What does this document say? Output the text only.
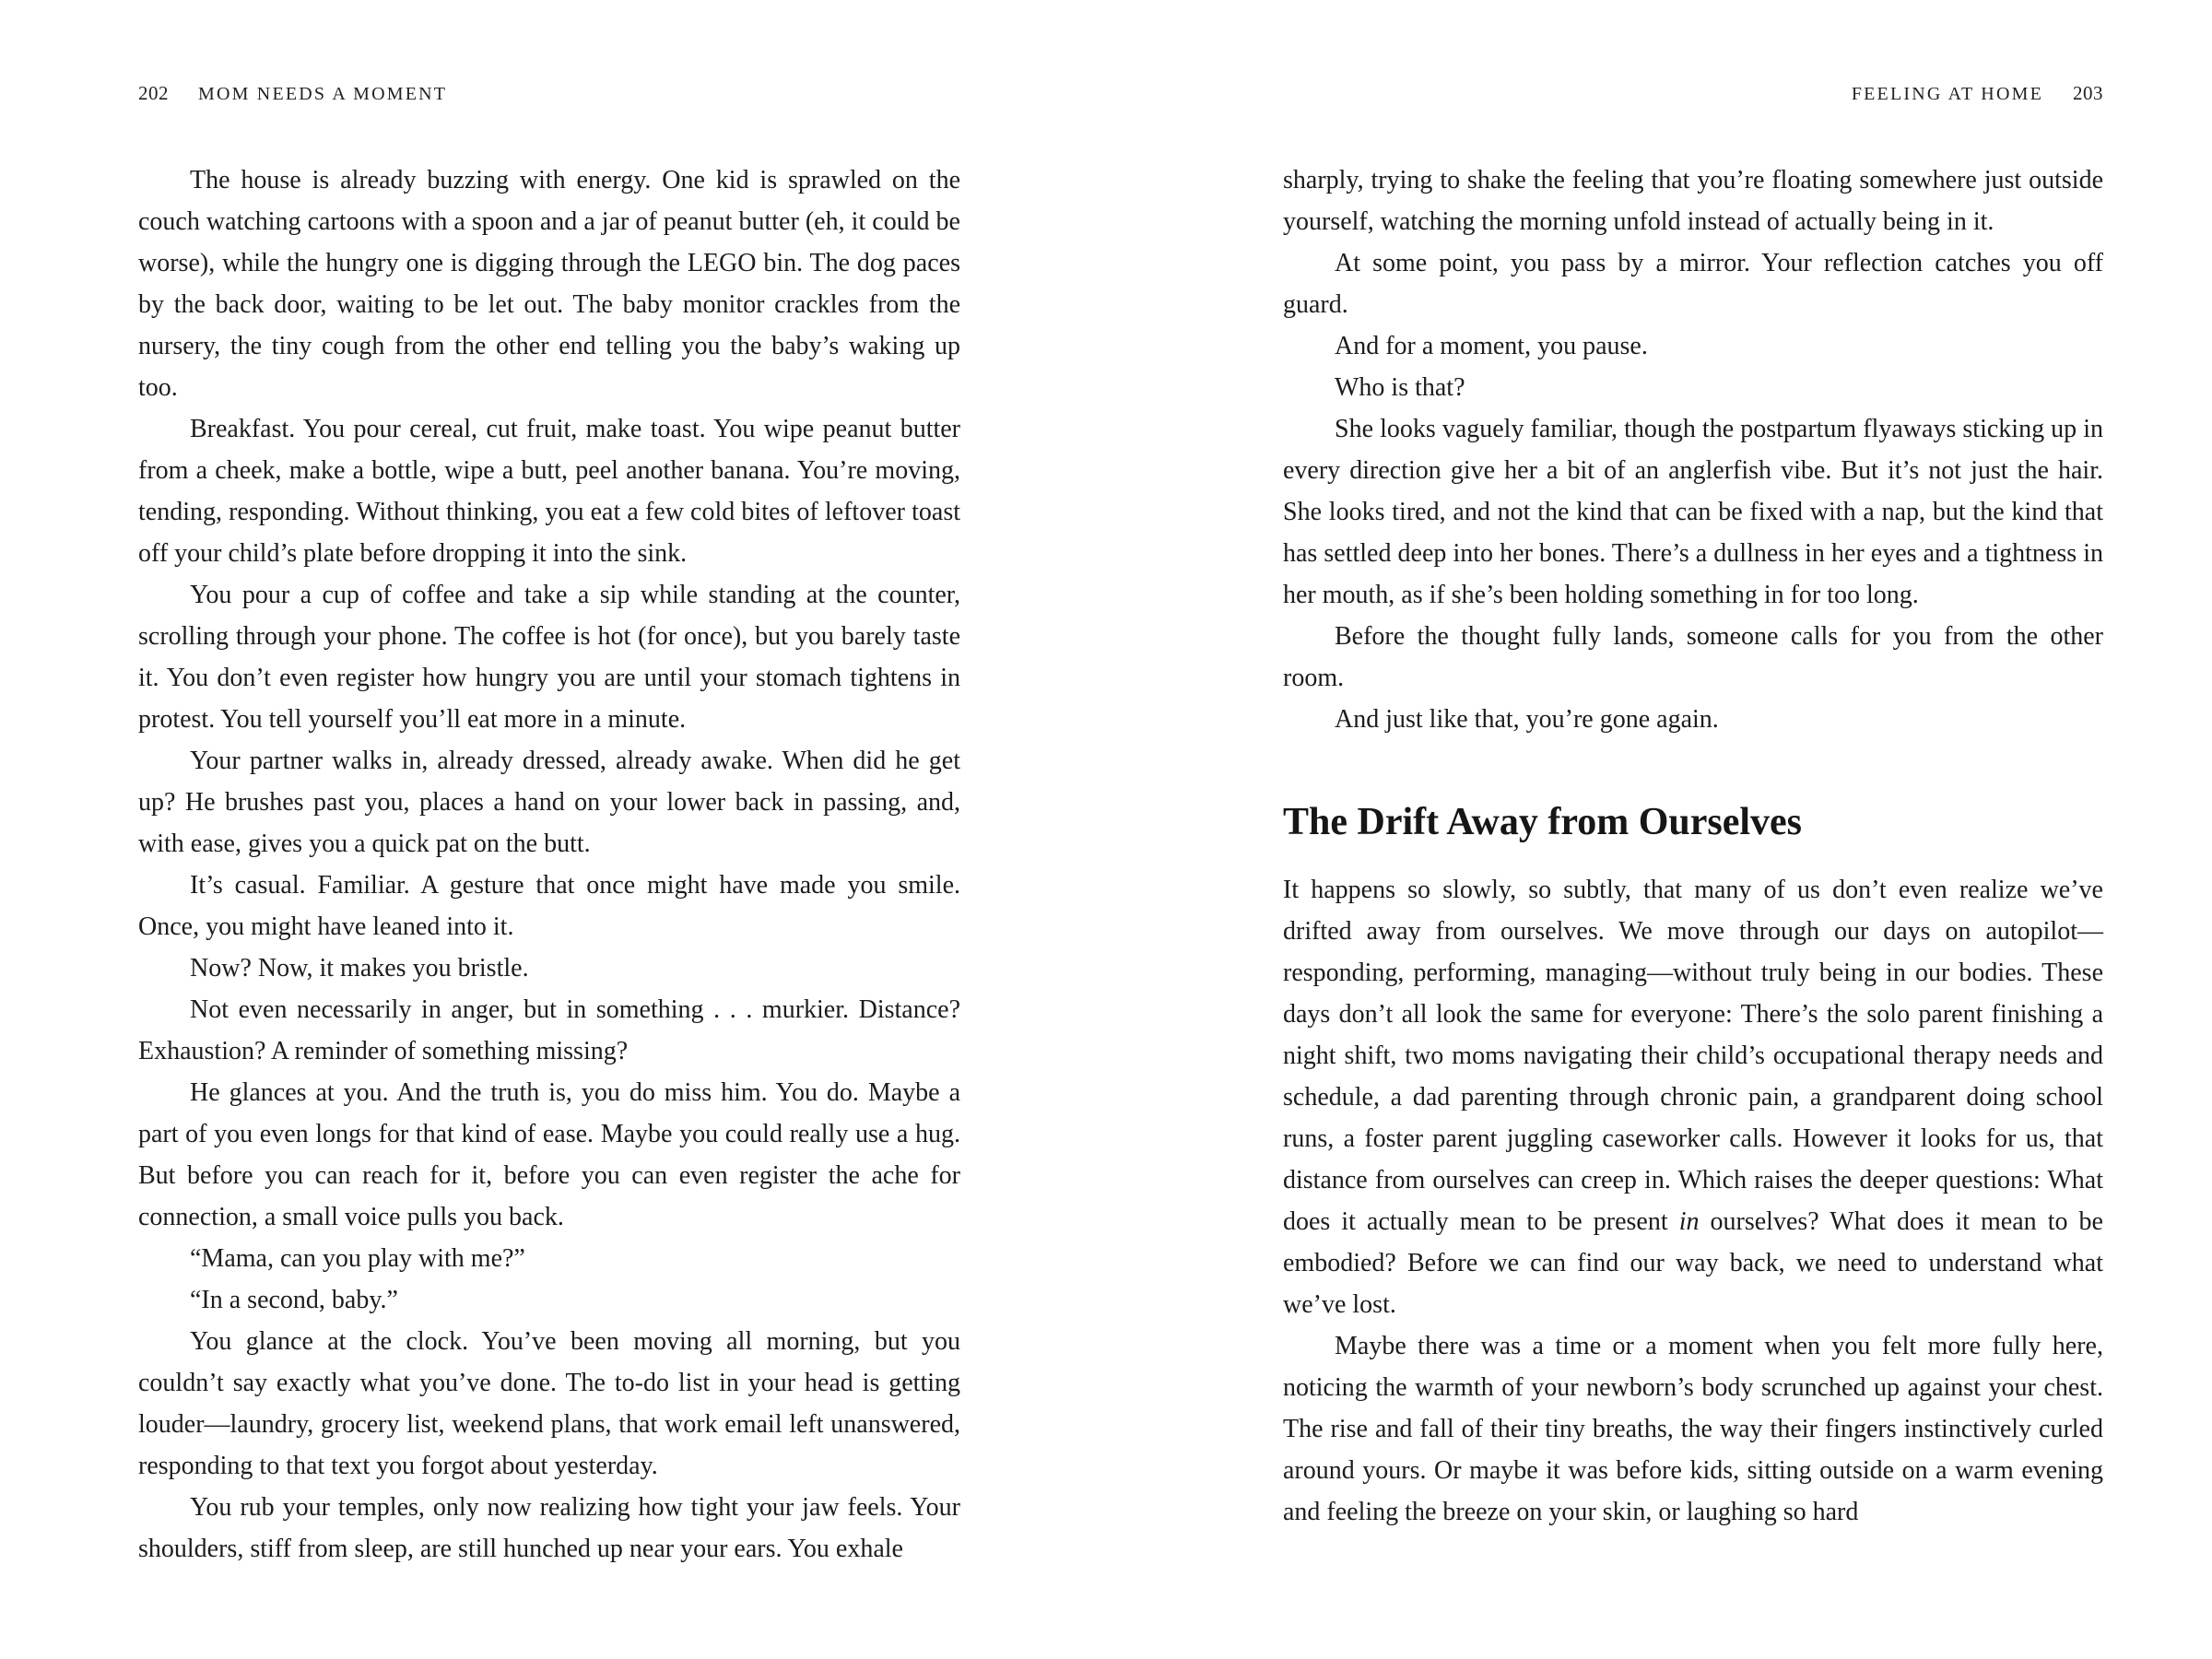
202 MOM NEEDS A MOMENT

The house is already buzzing with energy. One kid is sprawled on the couch watching cartoons with a spoon and a jar of peanut butter (eh, it could be worse), while the hungry one is digging through the LEGO bin. The dog paces by the back door, waiting to be let out. The baby monitor crackles from the nursery, the tiny cough from the other end telling you the baby’s waking up too.

Breakfast. You pour cereal, cut fruit, make toast. You wipe peanut butter from a cheek, make a bottle, wipe a butt, peel another banana. You’re moving, tending, responding. Without thinking, you eat a few cold bites of leftover toast off your child’s plate before dropping it into the sink.

You pour a cup of coffee and take a sip while standing at the counter, scrolling through your phone. The coffee is hot (for once), but you barely taste it. You don’t even register how hungry you are until your stomach tightens in protest. You tell yourself you’ll eat more in a minute.

Your partner walks in, already dressed, already awake. When did he get up? He brushes past you, places a hand on your lower back in passing, and, with ease, gives you a quick pat on the butt.

It’s casual. Familiar. A gesture that once might have made you smile. Once, you might have leaned into it.

Now? Now, it makes you bristle.

Not even necessarily in anger, but in something . . . murkier. Distance? Exhaustion? A reminder of something missing?

He glances at you. And the truth is, you do miss him. You do. Maybe a part of you even longs for that kind of ease. Maybe you could really use a hug. But before you can reach for it, before you can even register the ache for connection, a small voice pulls you back.

“Mama, can you play with me?”

“In a second, baby.”

You glance at the clock. You’ve been moving all morning, but you couldn’t say exactly what you’ve done. The to-do list in your head is getting louder—laundry, grocery list, weekend plans, that work email left unanswered, responding to that text you forgot about yesterday.

You rub your temples, only now realizing how tight your jaw feels. Your shoulders, stiff from sleep, are still hunched up near your ears. You exhale

FEELING AT HOME 203

sharply, trying to shake the feeling that you’re floating somewhere just outside yourself, watching the morning unfold instead of actually being in it.

At some point, you pass by a mirror. Your reflection catches you off guard.

And for a moment, you pause.

Who is that?

She looks vaguely familiar, though the postpartum flyaways sticking up in every direction give her a bit of an anglerfish vibe. But it’s not just the hair. She looks tired, and not the kind that can be fixed with a nap, but the kind that has settled deep into her bones. There’s a dullness in her eyes and a tightness in her mouth, as if she’s been holding something in for too long.

Before the thought fully lands, someone calls for you from the other room.

And just like that, you’re gone again.

The Drift Away from Ourselves

It happens so slowly, so subtly, that many of us don’t even realize we’ve drifted away from ourselves. We move through our days on autopilot—responding, performing, managing—without truly being in our bodies. These days don’t all look the same for everyone: There’s the solo parent finishing a night shift, two moms navigating their child’s occupational therapy needs and schedule, a dad parenting through chronic pain, a grandparent doing school runs, a foster parent juggling caseworker calls. However it looks for us, that distance from ourselves can creep in. Which raises the deeper questions: What does it actually mean to be present in ourselves? What does it mean to be embodied? Before we can find our way back, we need to understand what we’ve lost.

Maybe there was a time or a moment when you felt more fully here, noticing the warmth of your newborn’s body scrunched up against your chest. The rise and fall of their tiny breaths, the way their fingers instinctively curled around yours. Or maybe it was before kids, sitting outside on a warm evening and feeling the breeze on your skin, or laughing so hard
